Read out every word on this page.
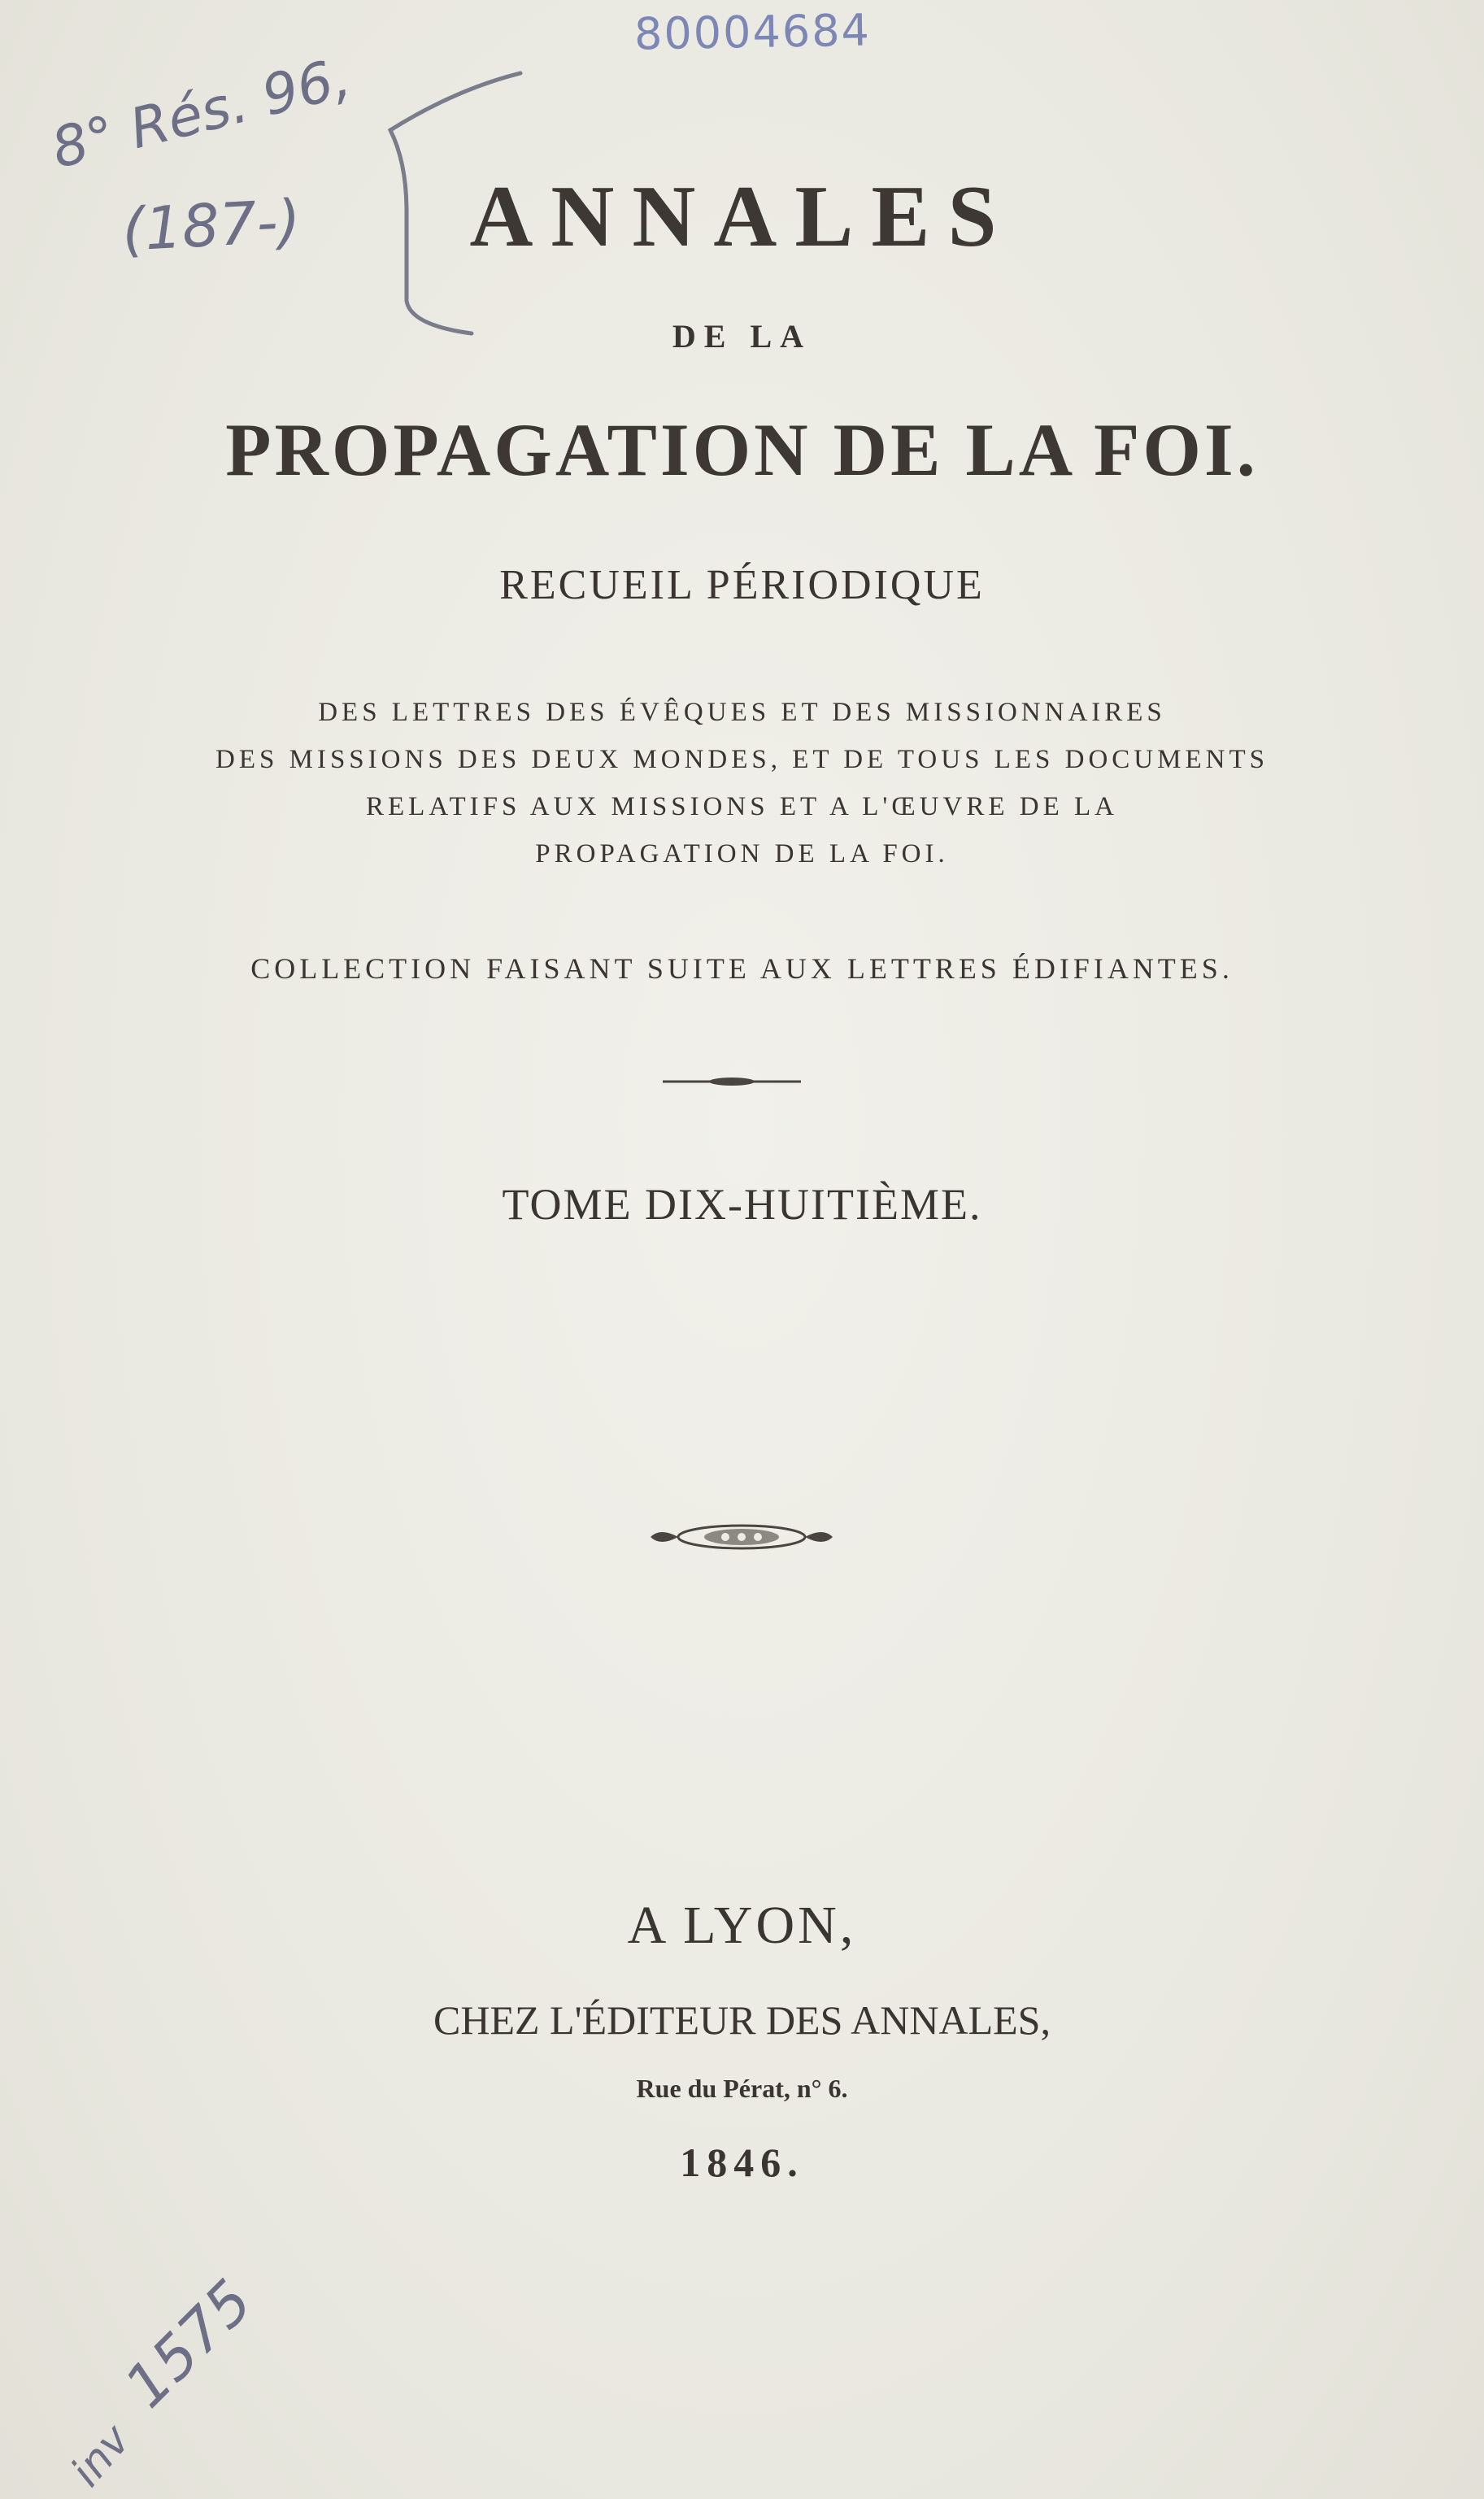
80004684
8° Rés. 96,
(187-)	ANNALES
DE LA
PROPAGATION DE LA FOI.
RECUEIL PÉRIODIQUE
DES LETTRES DES ÉVÊQUES ET DES MISSIONNAIRES
DES MISSIONS DES DEUX MONDES, ET DE TOUS LES DOCUMENTS
RELATIFS AUX MISSIONS ET A L'ŒUVRE DE LA
PROPAGATION DE LA FOI.
COLLECTION FAISANT SUITE AUX LETTRES ÉDIFIANTES.
TOME DIX-HUITIÈME.
A LYON,
CHEZ L'ÉDITEUR DES ANNALES,
Rue du Pérat, n° 6.
1846.
inv
1575
